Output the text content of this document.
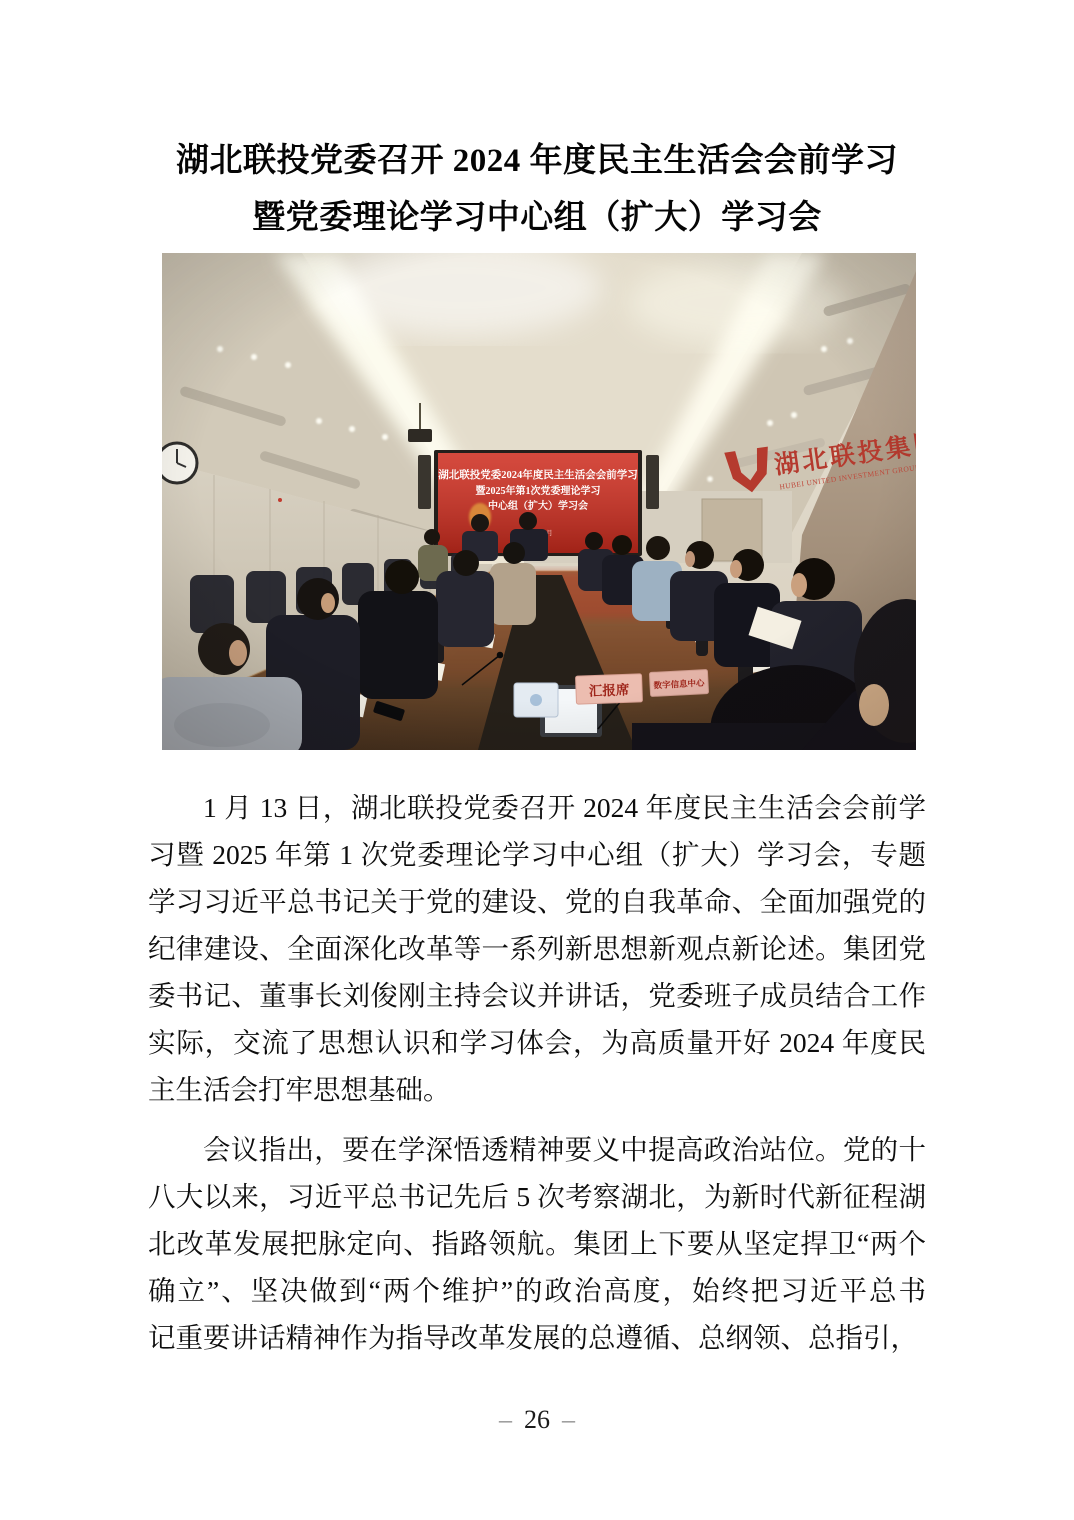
湖北联投党委召开 2024 年度民主生活会会前学习
暨党委理论学习中心组（扩大）学习会
1 月 13 日，湖北联投党委召开 2024 年度民主生活会会前学
习暨 2025 年第 1 次党委理论学习中心组（扩大）学习会，专题
学习习近平总书记关于党的建设、党的自我革命、全面加强党的
纪律建设、全面深化改革等一系列新思想新观点新论述。集团党
委书记、董事长刘俊刚主持会议并讲话，党委班子成员结合工作
实际，交流了思想认识和学习体会，为高质量开好 2024 年度民
主生活会打牢思想基础。
会议指出，要在学深悟透精神要义中提高政治站位。党的十
八大以来，习近平总书记先后 5 次考察湖北，为新时代新征程湖
北改革发展把脉定向、指路领航。集团上下要从坚定捍卫“两个
确立”、坚决做到“两个维护”的政治高度，始终把习近平总书
记重要讲话精神作为指导改革发展的总遵循、总纲领、总指引，
– 26 –
